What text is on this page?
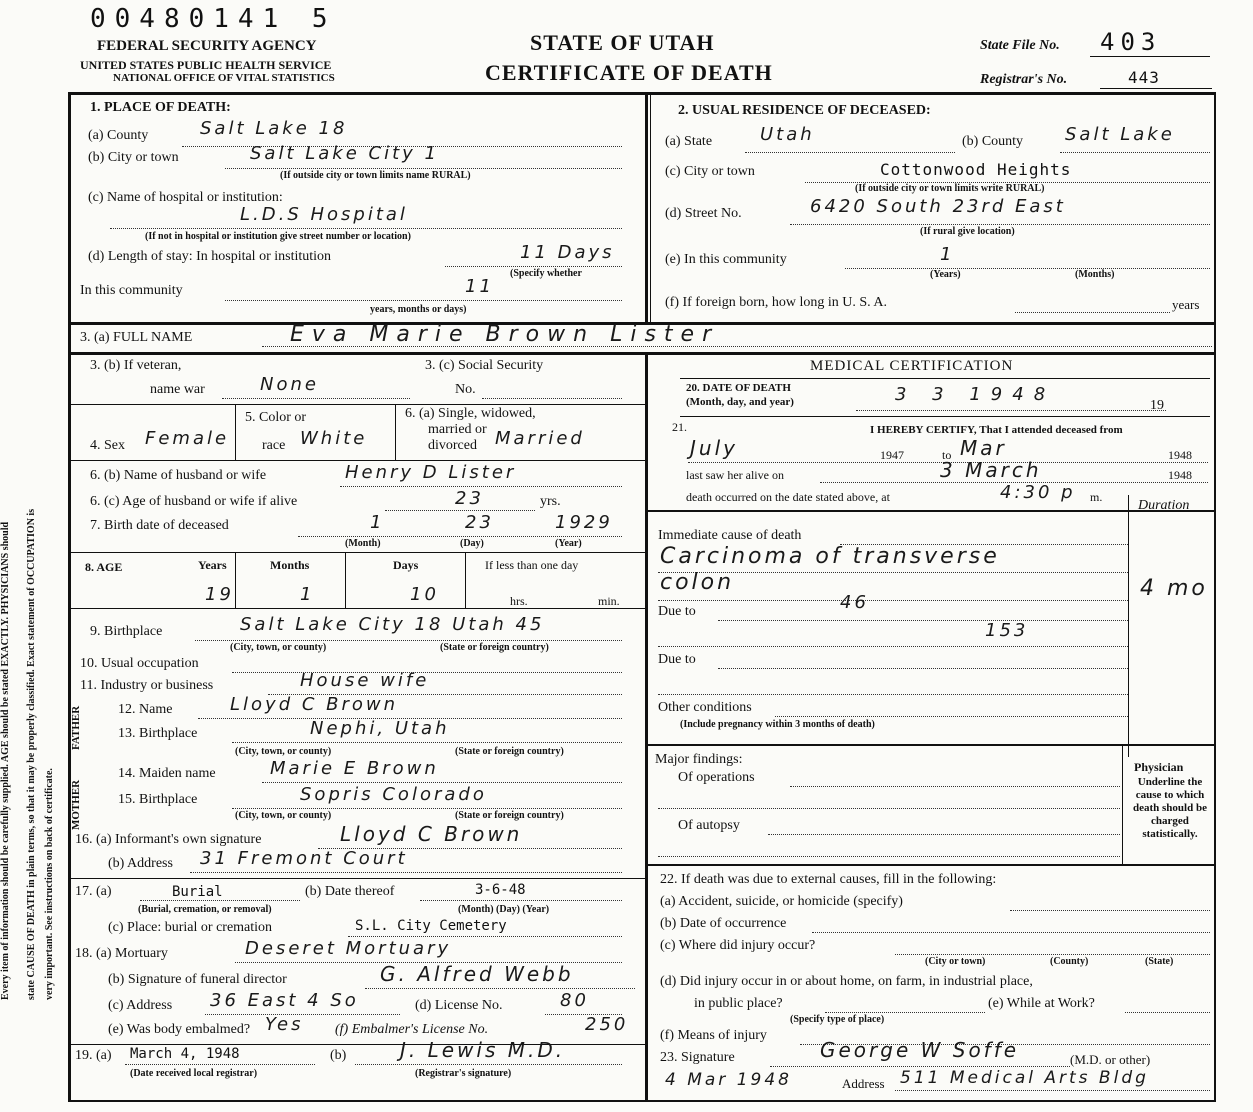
00480141 5
FEDERAL SECURITY AGENCY
UNITED STATES PUBLIC HEALTH SERVICE
NATIONAL OFFICE OF VITAL STATISTICS
STATE OF UTAH
CERTIFICATE OF DEATH
State File No. 403
Registrar's No.	443
Every item of information should be carefully supplied. AGE should be stated EXACTLY. PHYSICIANS should state CAUSE OF DEATH in plain terms, so that it may be properly classified. Exact statement of OCCUPATION is very important. See instructions on back of certificate.
1. PLACE OF DEATH:
(a) County	Salt Lake 18
(b) City or town	Salt Lake City 1
(If outside city or town limits name RURAL)
(c) Name of hospital or institution:
L.D.S Hospital
(If not in hospital or institution give street number or location)
(d) Length of stay: In hospital or institution	11 Days
(Specify whether
In this community	11
years, months or days)
2. USUAL RESIDENCE OF DECEASED:
(a) State	Utah	(b) County Salt Lake
(c) City or town	Cottonwood Heights
(If outside city or town limits write RURAL)
(d) Street No.	6420 South 23rd East
(If rural give location)
(e) In this community	1
(Years)	(Months)
(f) If foreign born, how long in U. S. A.	years
3. (a) FULL NAME	Eva Marie Brown Lister
3. (b) If veteran,
name war	None
3. (c) Social Security
No.
4. Sex Female
5. Color or
race White
6. (a) Single, widowed,
married or
divorced Married
6. (b) Name of husband or wife	Henry D Lister
6. (c) Age of husband or wife if alive	23	yrs.
7. Birth date of deceased	1	23	1929
(Month)	(Day)	(Year)
8. AGE	Years	Months	Days	If less than one day
19	1	10	hrs.	min.
9. Birthplace	Salt Lake City 18 Utah 45
(City, town, or county)	(State or foreign country)
10. Usual occupation
11. Industry or business	House wife
FATHER
MOTHER
12. Name	Lloyd C Brown
13. Birthplace	Nephi, Utah
(City, town, or county)	(State or foreign country)
14. Maiden name	Marie E Brown
15. Birthplace	Sopris Colorado
(City, town, or county)	(State or foreign country)
16. (a) Informant's own signature	Lloyd C Brown
(b) Address 31 Fremont Court
17. (a)	Burial
(Burial, cremation, or removal)
(b) Date thereof	3-6-48
(Month) (Day) (Year)
(c) Place: burial or cremation	S.L. City Cemetery
18. (a) Mortuary	Deseret Mortuary
(b) Signature of funeral director	G. Alfred Webb
(c) Address 36 East 4 So	(d) License No.	80
(e) Was body embalmed? Yes (f) Embalmer's License No.	250
19. (a) March 4, 1948
(Date received local registrar)
(b)	J. Lewis M.D.
(Registrar's signature)
MEDICAL CERTIFICATION
20. DATE OF DEATH
(Month, day, and year)	3 3 1948
19
21.	I HEREBY CERTIFY, That I attended deceased from
July	1947	to Mar	1948
last saw her alive on	3 March	1948
death occurred on the date stated above, at	4:30 p m.
Duration
Immediate cause of death
Carcinoma of transverse
colon	4 mo
Due to	46
153
Due to
Other conditions
(Include pregnancy within 3 months of death)
Major findings:
Of operations
Of autopsy
Physician
Underline the cause to which death should be charged statistically.
22. If death was due to external causes, fill in the following:
(a) Accident, suicide, or homicide (specify)
(b) Date of occurrence
(c) Where did injury occur?
(City or town)	(County)	(State)
(d) Did injury occur in or about home, on farm, in industrial place,
in public place?	(e) While at Work?
(Specify type of place)
(f) Means of injury
23. Signature	George W Soffe	(M.D. or other)
4 Mar 1948	Address 511 Medical Arts Bldg
